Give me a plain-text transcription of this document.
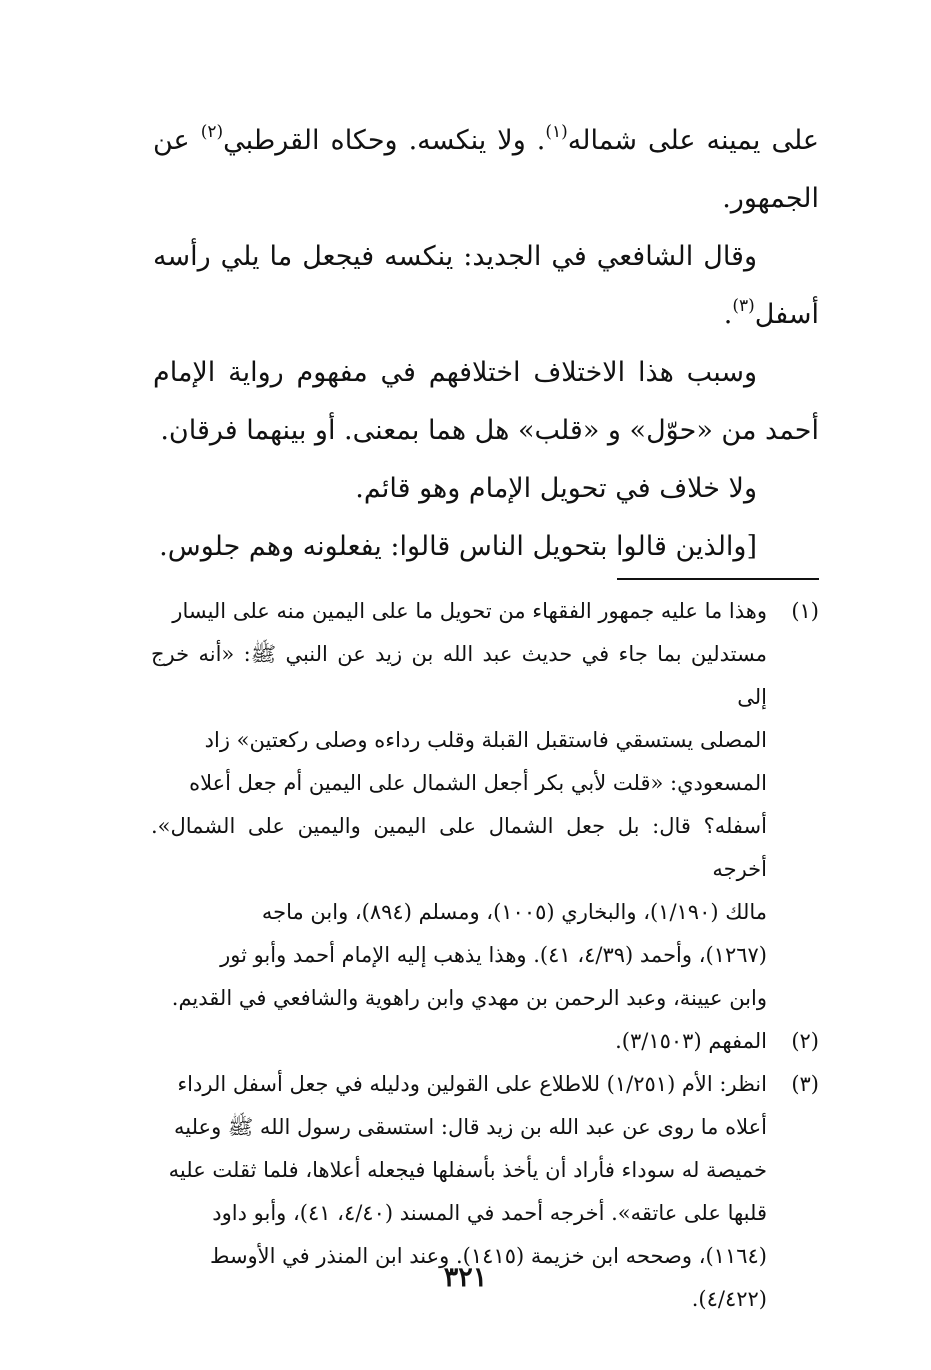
على يمينه على شماله$^{(١)}$. ولا ينكسه. وحكاه القرطبي$^{(٢)}$ عن الجمهور.

وقال الشافعي في الجديد: ينكسه فيجعل ما يلي رأسه أسفل$^{(٣)}$.

وسبب هذا الاختلاف اختلافهم في مفهوم رواية الإمام أحمد من «حوّل» و «قلب» هل هما بمعنى. أو بينهما فرقان.

ولا خلاف في تحويل الإمام وهو قائم.

[والذين قالوا بتحويل الناس قالوا: يفعلونه وهم جلوس.

(١)
وهذا ما عليه جمهور الفقهاء من تحويل ما على اليمين منه على اليسار
مستدلين بما جاء في حديث عبد الله بن زيد عن النبي ﷺ: «أنه خرج إلى
المصلى يستسقي فاستقبل القبلة وقلب رداءه وصلى ركعتين» زاد
المسعودي: «قلت لأبي بكر أجعل الشمال على اليمين أم جعل أعلاه
أسفله؟ قال: بل جعل الشمال على اليمين واليمين على الشمال». أخرجه
مالك (١/١٩٠)، والبخاري (١٠٠٥)، ومسلم (٨٩٤)، وابن ماجه
(١٢٦٧)، وأحمد (٤/٣٩، ٤١). وهذا يذهب إليه الإمام أحمد وأبو ثور
وابن عيينة، وعبد الرحمن بن مهدي وابن راهوية والشافعي في القديم.
(٢)
المفهم (٣/١٥٠٣).
(٣)
انظر: الأم (١/٢٥١) للاطلاع على القولين ودليله في جعل أسفل الرداء
أعلاه ما روى عن عبد الله بن زيد قال: استسقى رسول الله ﷺ وعليه
خميصة له سوداء فأراد أن يأخذ بأسفلها فيجعله أعلاها، فلما ثقلت عليه
قلبها على عاتقه». أخرجه أحمد في المسند (٤/٤٠، ٤١)، وأبو داود
(١١٦٤)، وصححه ابن خزيمة (١٤١٥). وعند ابن المنذر في الأوسط
(٤/٤٢٢).
٣٢١
